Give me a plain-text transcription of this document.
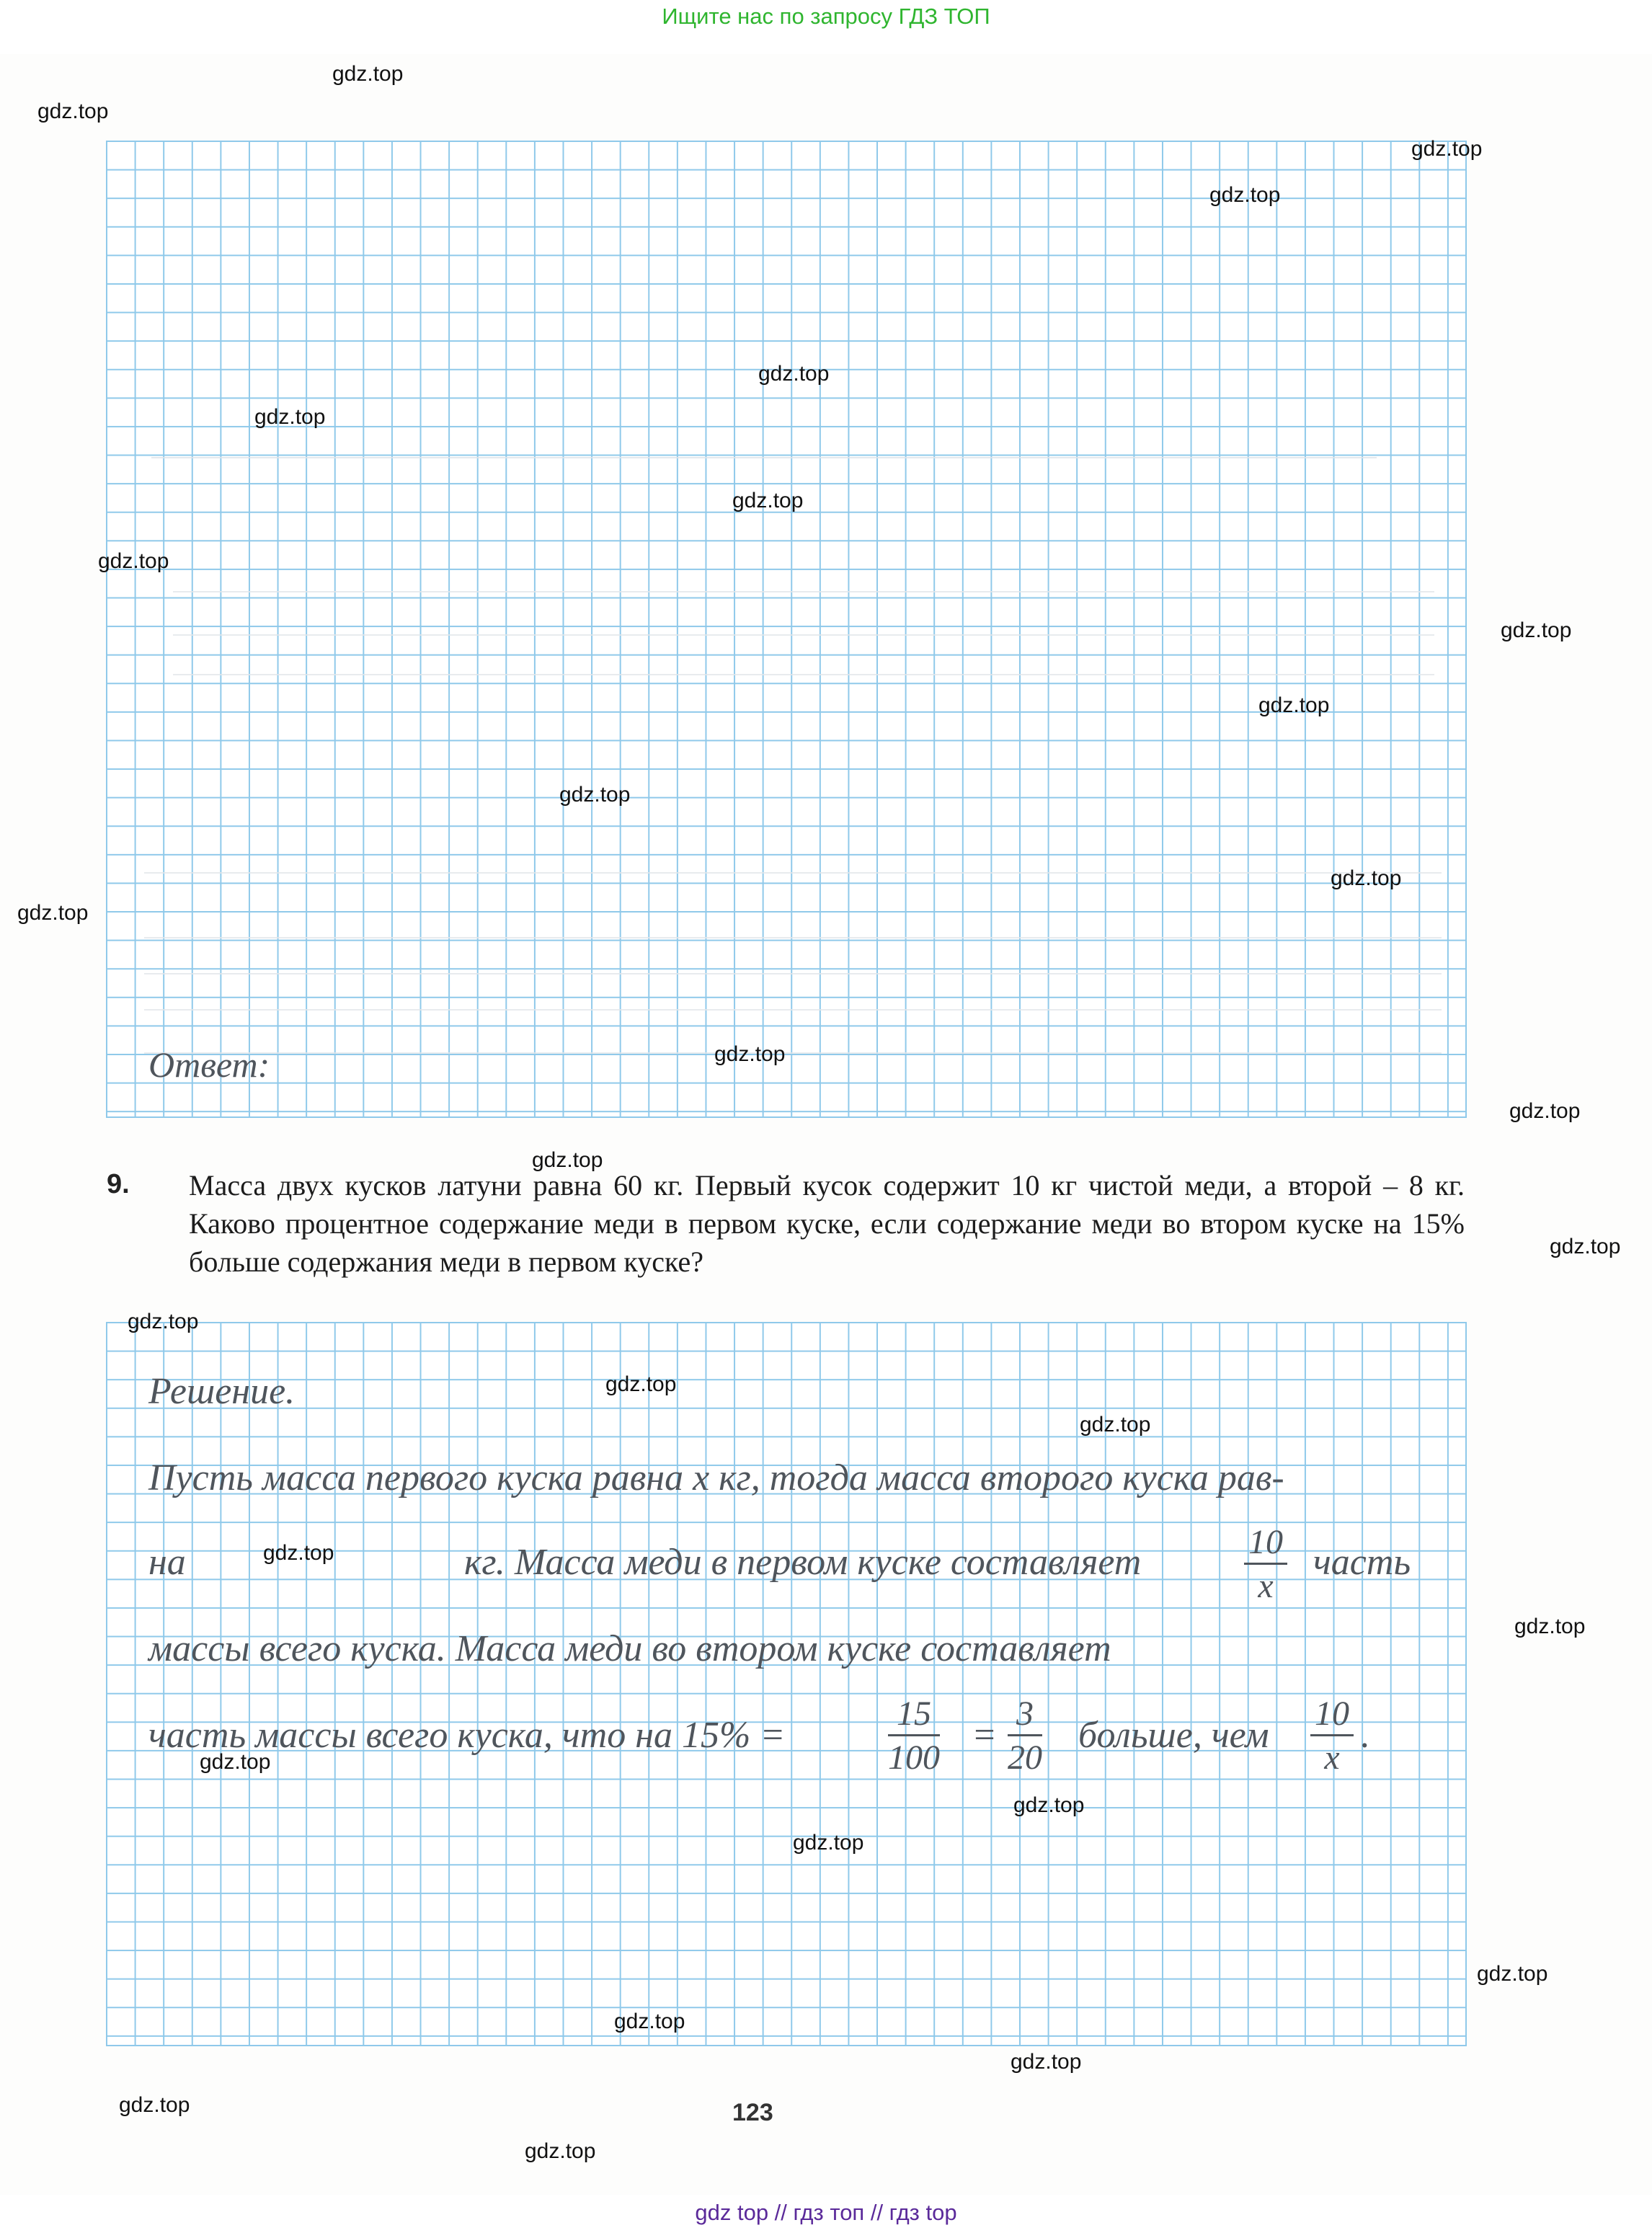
Ищите нас по запросу ГДЗ ТОП
Ответ:
9. Масса двух кусков латуни равна 60 кг. Первый кусок содержит 10 кг чистой меди, а второй – 8 кг. Каково процентное содержание меди в первом куске, если содержание меди во втором куске на 15% больше содержания меди в первом куске?
Решение.
Пусть масса первого куска равна x кг, тогда масса второго куска рав-
на	кг. Масса меди в первом куске составляет	10
x
часть
массы всего куска. Масса меди во втором куске составляет
часть массы всего куска, что на 15% =
15
100
=
3
20
больше, чем
10
x
.
123
gdz.top
gdz.top
gdz.top
gdz.top
gdz.top
gdz.top
gdz.top
gdz.top
gdz.top
gdz.top
gdz.top
gdz.top
gdz.top
gdz.top
gdz.top
gdz.top
gdz.top
gdz.top
gdz.top
gdz.top
gdz.top
gdz.top
gdz.top
gdz.top
gdz.top
gdz.top
gdz.top
gdz.top
gdz.top
gdz.top
gdz top // гдз топ // гдз top
